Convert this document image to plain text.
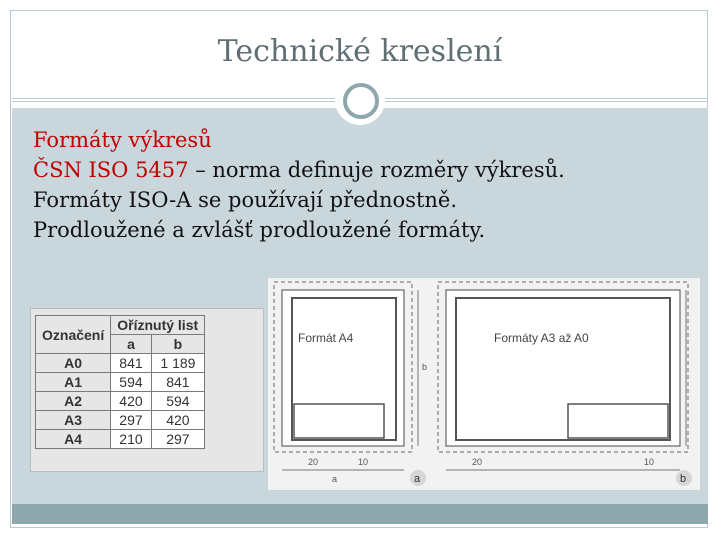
Technické kreslení
Formáty výkresů
ČSN ISO 5457 – norma definuje rozměry výkresů.
Formáty ISO-A se používají přednostně.
Prodloužené a zvlášť prodloužené formáty.
Označení	Oříznutý list	
	a	b
A0	841	1 189
A1	594	841
A2	420	594
A3	297	420
A4	210	297
Formát A4
b
20	10
a	a
Formáty A3 až A0
20	10
b
